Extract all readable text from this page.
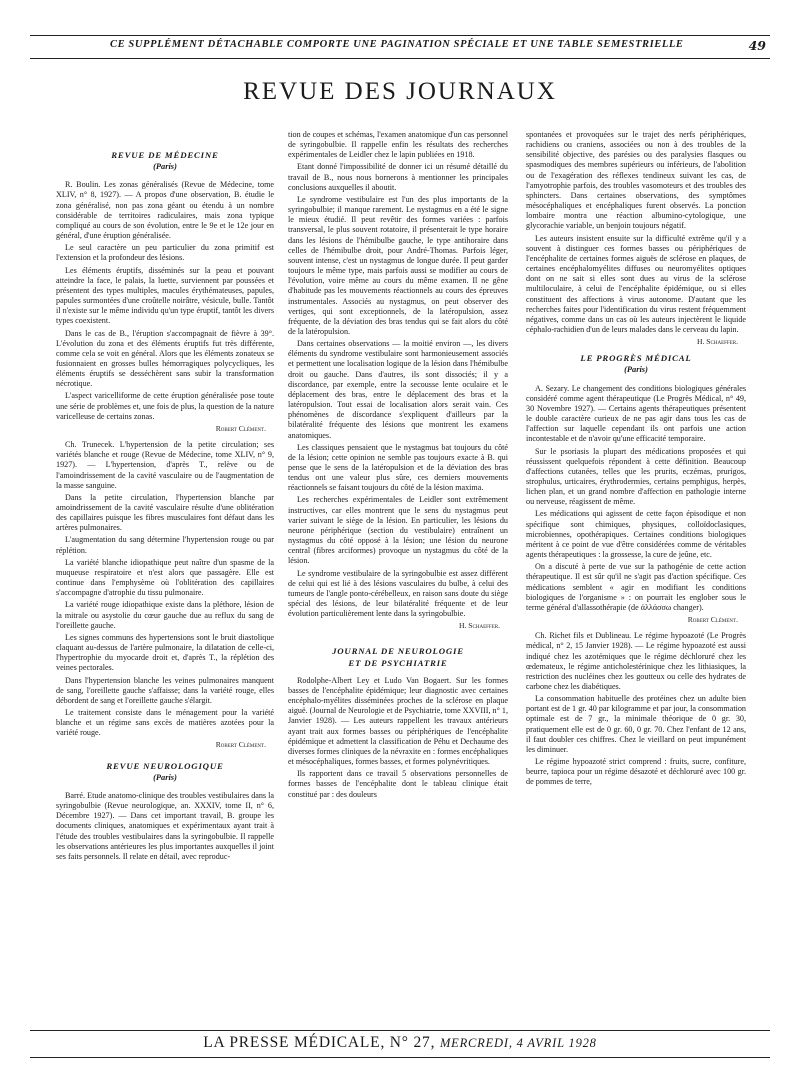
CE SUPPLÉMENT DÉTACHABLE COMPORTE UNE PAGINATION SPÉCIALE ET UNE TABLE SEMESTRIELLE	49
REVUE DES JOURNAUX
REVUE DE MÉDECINE
(Paris)

R. Boulin. Les zonas généralisés (Revue de Médecine, tome XLIV, n° 8, 1927). — A propos d'une observation, B. étudie le zona généralisé, non pas zona géant ou étendu à un nombre considérable de territoires radiculaires, mais zona typique compliqué au cours de son évolution, entre le 9e et le 12e jour en général, d'une éruption généralisée.

Le seul caractère un peu particulier du zona primitif est l'extension et la profondeur des lésions.

Les éléments éruptifs, disséminés sur la peau et pouvant atteindre la face, le palais, la luette, surviennent par poussées et présentent des types multiples, macules érythémateuses, papules, papules surmontées d'une croûtelle noirâtre, vésicule, bulle. Tantôt il n'existe sur le même individu qu'un type éruptif, tantôt les divers types coexistent.

Dans le cas de B., l'éruption s'accompagnait de fièvre à 39°. L'évolution du zona et des éléments éruptifs fut très différente, comme cela se voit en général. Alors que les éléments zonateux se fusionnaient en grosses bulles hémorragiques polycycliques, les éléments éruptifs se desséchèrent sans subir la transformation nécrotique.

L'aspect varicelliforme de cette éruption généralisée pose toute une série de problèmes et, une fois de plus, la question de la nature varicelleuse de certains zonas.

Robert Clément.

Ch. Trunecek. L'hypertension de la petite circulation; ses variétés blanche et rouge (Revue de Médecine, tome XLIV, n° 9, 1927). — L'hypertension, d'après T., relève ou de l'amoindrissement de la cavité vasculaire ou de l'augmentation de la masse sanguine.

Dans la petite circulation, l'hypertension blanche par amoindrissement de la cavité vasculaire résulte d'une oblitération des capillaires puisque les fibres musculaires font défaut dans les artères pulmonaires.

L'augmentation du sang détermine l'hypertension rouge ou par réplétion.

La variété blanche idiopathique peut naître d'un spasme de la muqueuse respiratoire et n'est alors que passagère. Elle est continue dans l'emphysème où l'oblitération des capillaires s'accompagne d'atrophie du tissu pulmonaire.

La variété rouge idiopathique existe dans la pléthore, lésion de la mitrale ou asystolie du cœur gauche due au reflux du sang de l'oreillette gauche.

Les signes communs des hypertensions sont le bruit diastolique claquant au-dessus de l'artère pulmonaire, la dilatation de celle-ci, l'hypertrophie du myocarde droit et, d'après T., la réplétion des veines pectorales.

Dans l'hypertension blanche les veines pulmonaires manquent de sang, l'oreillette gauche s'affaisse; dans la variété rouge, elles débordent de sang et l'oreillette gauche s'élargit.

Le traitement consiste dans le ménagement pour la variété blanche et un régime sans excès de matières azotées pour la variété rouge.

Robert Clément.
REVUE NEUROLOGIQUE
(Paris)

Barré. Etude anatomo-clinique des troubles vestibulaires dans la syringobulbie (Revue neurologique, an. XXXIV, tome II, n° 6, Décembre 1927). — Dans cet important travail, B. groupe les documents cliniques, anatomiques et expérimentaux ayant trait à l'étude des troubles vestibulaires dans la syringobulbie. Il rappelle les observations antérieures les plus importantes auxquelles il joint ses faits personnels. Il relate en détail, avec reproduc-

tion de coupes et schémas, l'examen anatomique d'un cas personnel de syringobulbie. Il rappelle enfin les résultats des recherches expérimentales de Leidler chez le lapin publiées en 1918.

Etant donné l'impossibilité de donner ici un résumé détaillé du travail de B., nous nous bornerons à mentionner les principales conclusions auxquelles il aboutit.

Le syndrome vestibulaire est l'un des plus importants de la syringobulbie; il manque rarement. Le nystagmus en a été le signe le mieux étudié. Il peut revêtir des formes variées : parfois transversal, le plus souvent rotatoire, il présenterait le type horaire dans les lésions de l'hémibulbe gauche, le type antihoraire dans celles de l'hémibulbe droit, pour André-Thomas. Parfois léger, souvent intense, c'est un nystagmus de longue durée. Il peut garder toujours le même type, mais parfois aussi se modifier au cours de l'évolution, voire même au cours du même examen. Il ne gêne d'habitude pas les mouvements réactionnels au cours des épreuves instrumentales. Associés au nystagmus, on peut observer des vertiges, qui sont exceptionnels, de la latéropulsion, assez fréquente, de la déviation des bras tendus qui se fait alors du côté de la latéropulsion.

Dans certaines observations — la moitié environ —, les divers éléments du syndrome vestibulaire sont harmonieusement associés et permettent une localisation logique de la lésion dans l'hémibulbe droit ou gauche. Dans d'autres, ils sont dissociés; il y a discordance, par exemple, entre la secousse lente oculaire et le déplacement des bras, entre le déplacement des bras et la latéropulsion. Tout essai de localisation alors serait vain. Ces phénomènes de discordance s'expliquent d'ailleurs par la bilatéralité fréquente des lésions que montrent les examens anatomiques.

Les classiques pensaient que le nystagmus bat toujours du côté de la lésion; cette opinion ne semble pas toujours exacte à B. qui pense que le sens de la latéropulsion et de la déviation des bras tendus ont une valeur plus sûre, ces derniers mouvements réactionnels se faisant toujours du côté de la lésion maxima.

Les recherches expérimentales de Leidler sont extrêmement instructives, car elles montrent que le sens du nystagmus peut varier suivant le siège de la lésion. En particulier, les lésions du neurone périphérique (section du vestibulaire) entraînent un nystagmus du côté opposé à la lésion; une lésion du neurone central (fibres arciformes) provoque un nystagmus du côté de la lésion.

Le syndrome vestibulaire de la syringobulbie est assez différent de celui qui est lié à des lésions vasculaires du bulbe, à celui des tumeurs de l'angle ponto-cérébelleux, en raison sans doute du siège spécial des lésions, de leur bilatéralité fréquente et de leur évolution particulièrement lente dans la syringobulbie.

H. Schaeffer.
JOURNAL DE NEUROLOGIE
ET DE PSYCHIATRIE

Rodolphe-Albert Ley et Ludo Van Bogaert. Sur les formes basses de l'encéphalite épidémique; leur diagnostic avec certaines encéphalo-myélites disséminées proches de la sclérose en plaque aiguë. (Journal de Neurologie et de Psychiatrie, tome XXVIII, n° 1, Janvier 1928). — Les auteurs rappellent les travaux antérieurs ayant trait aux formes basses ou périphériques de l'encéphalite épidémique et admettent la classification de Péhu et Dechaume des diverses formes cliniques de la névraxite en : formes encéphaliques et mésocéphaliques, formes basses, et formes polynévritiques.

Ils rapportent dans ce travail 5 observations personnelles de formes basses de l'encéphalite dont le tableau clinique était constitué par : des douleurs

spontanées et provoquées sur le trajet des nerfs périphériques, rachidiens ou craniens, associées ou non à des troubles de la sensibilité objective, des parésies ou des paralysies flasques ou spasmodiques des membres supérieurs ou inférieurs, de l'abolition ou de l'exagération des réflexes tendineux suivant les cas, de l'amyotrophie parfois, des troubles vasomoteurs et des troubles des sphincters. Dans certaines observations, des symptômes mésocéphaliques et encéphaliques furent observés. La ponction lombaire montra une réaction albumino-cytologique, une glycorachie variable, un benjoin toujours négatif.

Les auteurs insistent ensuite sur la difficulté extrême qu'il y a souvent à distinguer ces formes basses ou périphériques de l'encéphalite de certaines formes aiguës de sclérose en plaques, de certaines encéphalomyélites diffuses ou neuromyélites optiques dont on ne sait si elles sont dues au virus de la sclérose multiloculaire, à celui de l'encéphalite épidémique, ou si elles constituent des affections à virus autonome. D'autant que les recherches faites pour l'identification du virus restent fréquemment négatives, comme dans un cas où les auteurs injectèrent le liquide céphalo-rachidien d'un de leurs malades dans le cerveau du lapin.

H. Schaeffer.
LE PROGRÈS MÉDICAL
(Paris)

A. Sezary. Le changement des conditions biologiques générales considéré comme agent thérapeutique (Le Progrès Médical, n° 49, 30 Novembre 1927). — Certains agents thérapeutiques présentent le double caractère curieux de ne pas agir dans tous les cas de l'affection sur laquelle cependant ils ont parfois une action incontestable et de n'avoir qu'une efficacité temporaire.

Sur le psoriasis la plupart des médications proposées et qui réussissent quelquefois répondent à cette définition. Beaucoup d'affections cutanées, telles que les prurits, eczémas, prurigos, strophulus, urticaires, érythrodermies, certains pemphigus, herpès, lichen plan, et un grand nombre d'affection en pathologie interne ou nerveuse, réagissent de même.

Les médications qui agissent de cette façon épisodique et non spécifique sont chimiques, physiques, colloïdoclasiques, microbiennes, opothérapiques. Certaines conditions biologiques méritent à ce point de vue d'être considérées comme de véritables agents thérapeutiques : la grossesse, la cure de jeûne, etc.

On a discuté à perte de vue sur la pathogénie de cette action thérapeutique. Il est sûr qu'il ne s'agit pas d'action spécifique. Ces médications semblent « agir en modifiant les conditions biologiques de l'organisme » : on pourrait les englober sous le terme général d'allassothérapie (de ἀλλάσσω changer).

Robert Clément.

Ch. Richet fils et Dublineau. Le régime hypoazoté (Le Progrès médical, n° 2, 15 Janvier 1928). — Le régime hypoazoté est aussi indiqué chez les azotémiques que le régime déchloruré chez les œdemateux, le régime anticholestérinique chez les lithiasiques, la restriction des nucléines chez les goutteux ou celle des hydrates de carbone chez les diabétiques.

La consommation habituelle des protéines chez un adulte bien portant est de 1 gr. 40 par kilogramme et par jour, la consommation optimale est de 7 gr., la minimale théorique de 0 gr. 30, pratiquement elle est de 0 gr. 60, 0 gr. 70. Chez l'enfant de 12 ans, il faut doubler ces chiffres. Chez le vieillard on peut impunément les diminuer.

Le régime hypoazoté strict comprend : fruits, sucre, confiture, beurre, tapioca pour un régime désazoté et déchloruré avec 100 gr. de pommes de terre,

LA PRESSE MÉDICALE, N° 27, MERCREDI, 4 AVRIL 1928
